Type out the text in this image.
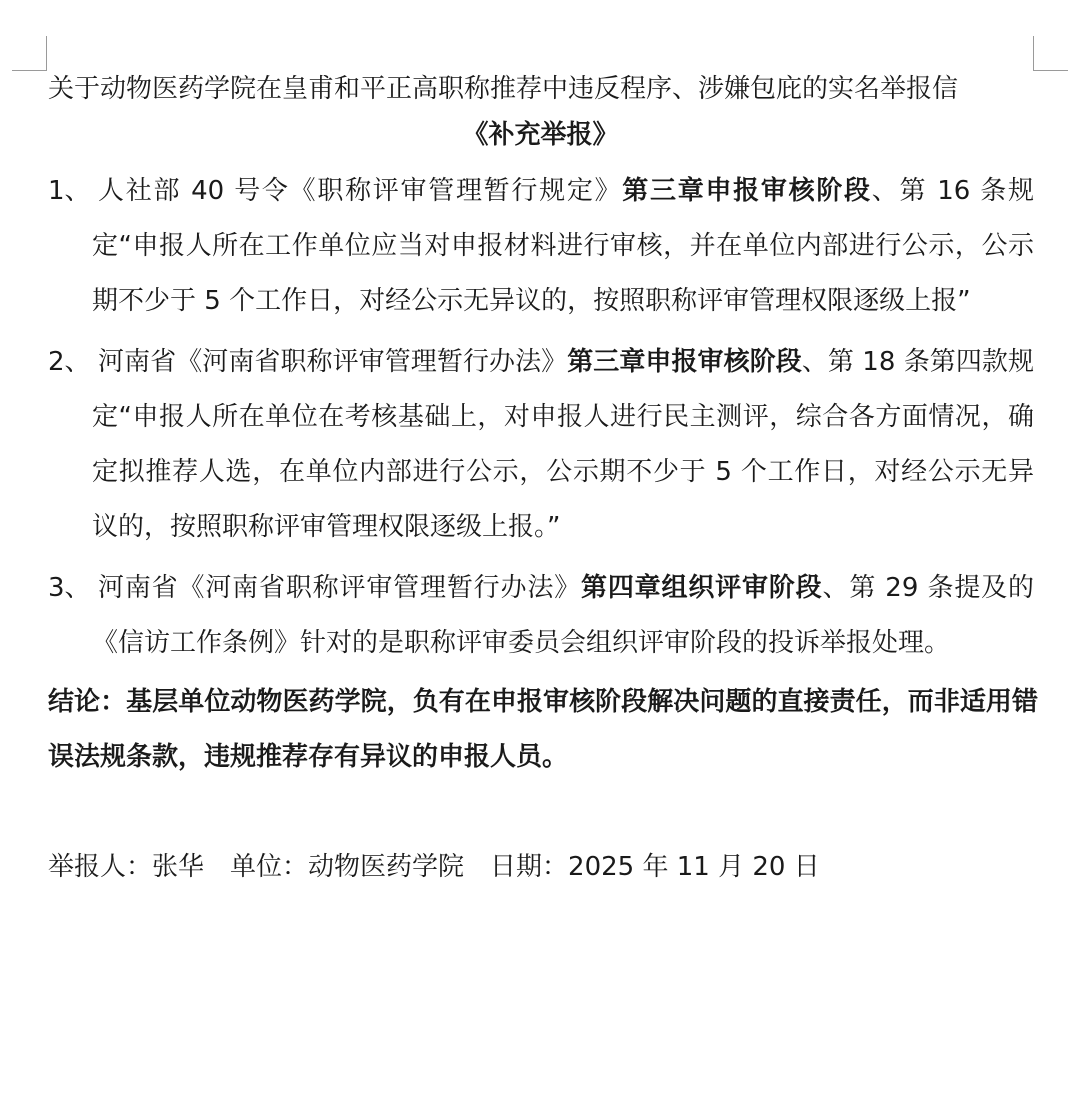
关于动物医药学院在皇甫和平正高职称推荐中违反程序、涉嫌包庇的实名举报信
《补充举报》
1、 人社部 40 号令《职称评审管理暂行规定》第三章申报审核阶段、第 16 条规定“申报人所在工作单位应当对申报材料进行审核，并在单位内部进行公示，公示期不少于 5 个工作日，对经公示无异议的，按照职称评审管理权限逐级上报”
2、 河南省《河南省职称评审管理暂行办法》第三章申报审核阶段、第 18 条第四款规定“申报人所在单位在考核基础上，对申报人进行民主测评，综合各方面情况，确定拟推荐人选，在单位内部进行公示，公示期不少于 5 个工作日，对经公示无异议的，按照职称评审管理权限逐级上报。”
3、 河南省《河南省职称评审管理暂行办法》第四章组织评审阶段、第 29 条提及的《信访工作条例》针对的是职称评审委员会组织评审阶段的投诉举报处理。
结论：基层单位动物医药学院，负有在申报审核阶段解决问题的直接责任，而非适用错误法规条款，违规推荐存有异议的申报人员。
举报人：张华 单位：动物医药学院 日期：2025 年 11 月 20 日
